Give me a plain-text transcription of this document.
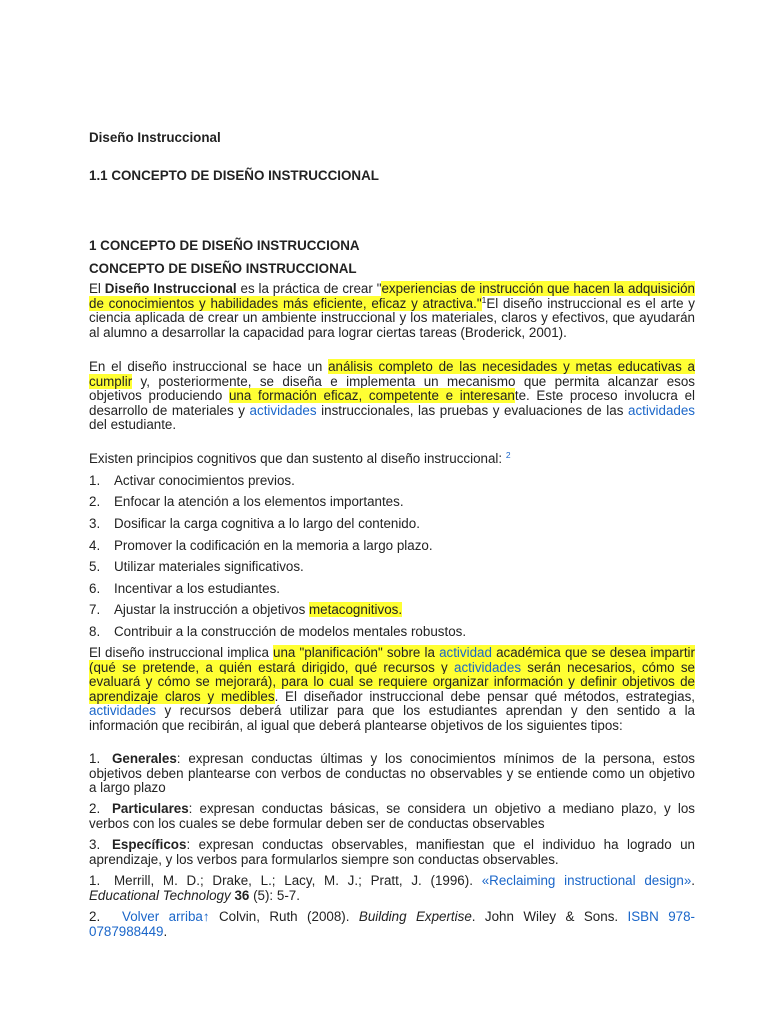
Diseño Instruccional
1.1 CONCEPTO DE DISEÑO INSTRUCCIONAL
1 CONCEPTO DE DISEÑO INSTRUCCIONA
CONCEPTO DE DISEÑO INSTRUCCIONAL

El Diseño Instruccional es la práctica de crear "experiencias de instrucción que hacen la adquisición de conocimientos y habilidades más eficiente, eficaz y atractiva."$^1$El diseño instruccional es el arte y ciencia aplicada de crear un ambiente instruccional y los materiales, claros y efectivos, que ayudarán al alumno a desarrollar la capacidad para lograr ciertas tareas (Broderick, 2001).

En el diseño instruccional se hace un análisis completo de las necesidades y metas educativas a cumplir y, posteriormente, se diseña e implementa un mecanismo que permita alcanzar esos objetivos produciendo una formación eficaz, competente e interesante. Este proceso involucra el desarrollo de materiales y actividades instruccionales, las pruebas y evaluaciones de las actividades del estudiante.

Existen principios cognitivos que dan sustento al diseño instruccional: $^2$
1. Activar conocimientos previos.
2. Enfocar la atención a los elementos importantes.
3. Dosificar la carga cognitiva a lo largo del contenido.
4. Promover la codificación en la memoria a largo plazo.
5. Utilizar materiales significativos.
6. Incentivar a los estudiantes.
7. Ajustar la instrucción a objetivos metacognitivos.
8. Contribuir a la construcción de modelos mentales robustos.

El diseño instruccional implica una "planificación" sobre la actividad académica que se desea impartir (qué se pretende, a quién estará dirigido, qué recursos y actividades serán necesarios, cómo se evaluará y cómo se mejorará), para lo cual se requiere organizar información y definir objetivos de aprendizaje claros y medibles. El diseñador instruccional debe pensar qué métodos, estrategias, actividades y recursos deberá utilizar para que los estudiantes aprendan y den sentido a la información que recibirán, al igual que deberá plantearse objetivos de los siguientes tipos:

1. Generales: expresan conductas últimas y los conocimientos mínimos de la persona, estos objetivos deben plantearse con verbos de conductas no observables y se entiende como un objetivo a largo plazo

2. Particulares: expresan conductas básicas, se considera un objetivo a mediano plazo, y los verbos con los cuales se debe formular deben ser de conductas observables

3. Específicos: expresan conductas observables, manifiestan que el individuo ha logrado un aprendizaje, y los verbos para formularlos siempre son conductas observables.

1. Merrill, M. D.; Drake, L.; Lacy, M. J.; Pratt, J. (1996). «Reclaiming instructional design». Educational Technology 36 (5): 5-7.

2. Volver arriba↑ Colvin, Ruth (2008). Building Expertise. John Wiley & Sons. ISBN 978-0787988449.
